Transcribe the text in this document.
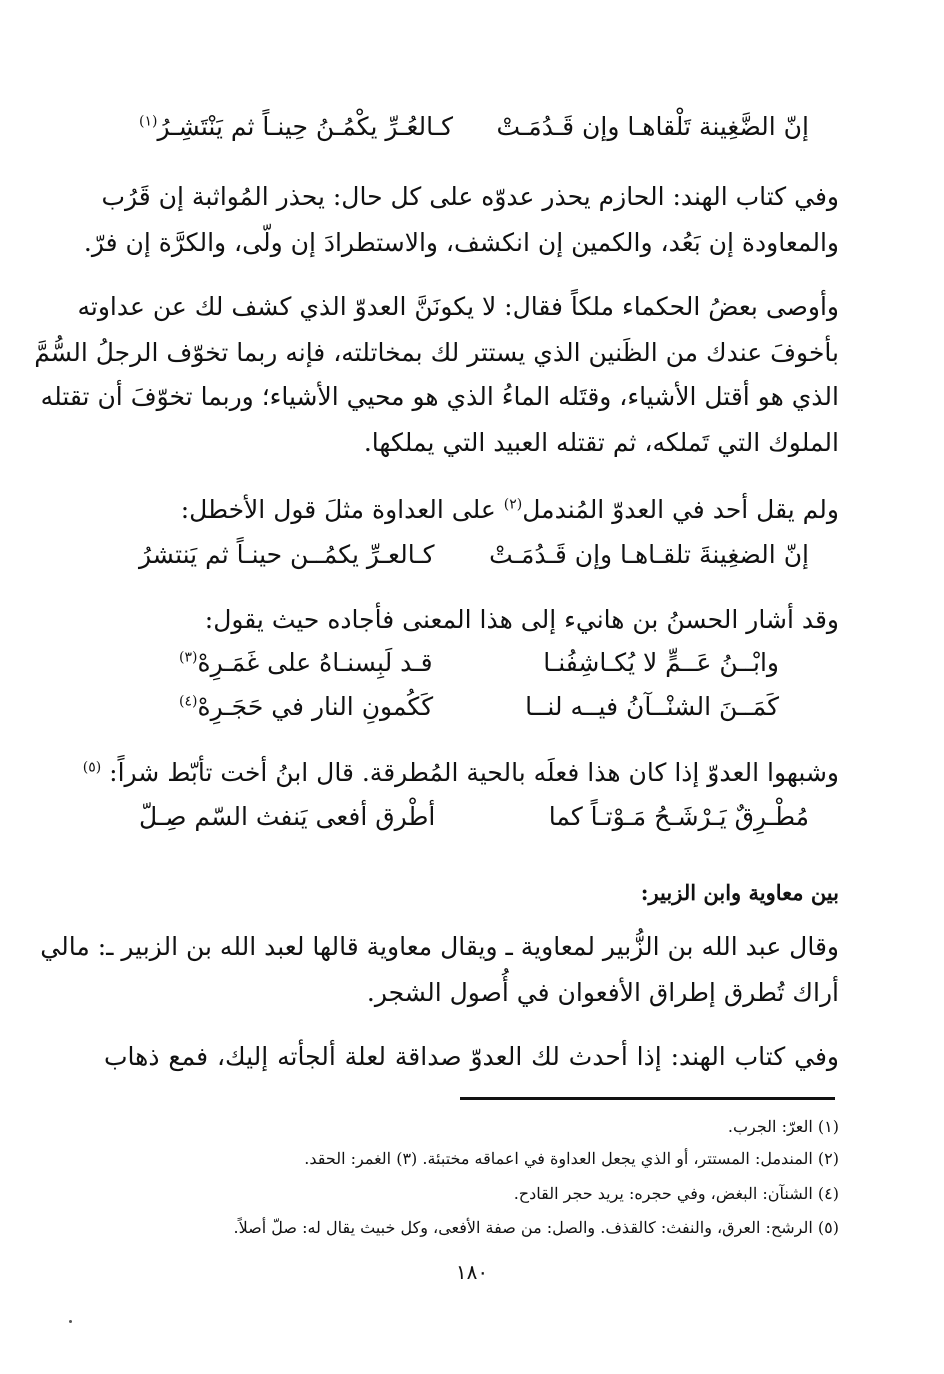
إنّ الضَّغِينة تَلْقاهـا وإن قَـدُمَـتْ
كـالعُـرِّ يكْمُـنُ حِينـاً ثم يَنْتَشِـرُ$^{(١)}$
وفي كتاب الهند: الحازم يحذر عدوّه على كل حال: يحذر المُواثبة إن قَرُب
والمعاودة إن بَعُد، والكمين إن انكشف، والاستطرادَ إن ولّى، والكرَّة إن فرّ.
وأوصى بعضُ الحكماء ملكاً فقال: لا يكونَنَّ العدوّ الذي كشف لك عن عداوته
بأخوفَ عندك من الظَنين الذي يستتر لك بمخاتلته، فإنه ربما تخوّف الرجلُ السُّمَّ
الذي هو أقتل الأشياء، وقتَله الماءُ الذي هو محيي الأشياء؛ وربما تخوّفَ أن تقتله
الملوك التي تَملكه، ثم تقتله العبيد التي يملكها.
ولم يقل أحد في العدوّ المُندمل$^{(٢)}$ على العداوة مثلَ قول الأخطل:
إنّ الضغِينةَ تلقـاهـا وإن قَـدُمَـتْ
كـالعـرِّ يكمُــن حينـاً ثم يَنتشرُ
وقد أشار الحسنُ بن هانيء إلى هذا المعنى فأجاده حيث يقول:
وابْــنُ عَــمٍّ لا يُكـاشِفُنـا
قـد لَبِسنـاهُ على غَمَـرِهْ$^{(٣)}$
كَمَــنَ الشنْــآنُ فيــه لنــا
كَكُمونِ النار في حَجَـرِهْ$^{(٤)}$
وشبهوا العدوّ إذا كان هذا فعلَه بالحية المُطرقة. قال ابنُ أخت تأبّط شراً: $^{(٥)}$
مُطْـرِقٌ يَـرْشَـحُ مَـوْتـاً كما
أطْرق أفعى يَنفث السّم صِـلّ
بين معاوية وابن الزبير:
وقال عبد الله بن الزُّبير لمعاوية ـ ويقال معاوية قالها لعبد الله بن الزبير ـ: مالي
أراك تُطرق إطراق الأفعوان في أُصول الشجر.
وفي كتاب الهند: إذا أحدث لك العدوّ صداقة لعلة ألجأته إليك، فمع ذهاب
(١) العرّ: الجرب.
(٢) المندمل: المستتر، أو الذي يجعل العداوة في اعماقه مختبئة. (٣) الغمر: الحقد.
(٤) الشنآن: البغض، وفي حجره: يريد حجر القادح.
(٥) الرشح: العرق، والنفث: كالقذف. والصل: من صفة الأفعى، وكل خبيث يقال له: صلّ أصلاً.
١٨٠
